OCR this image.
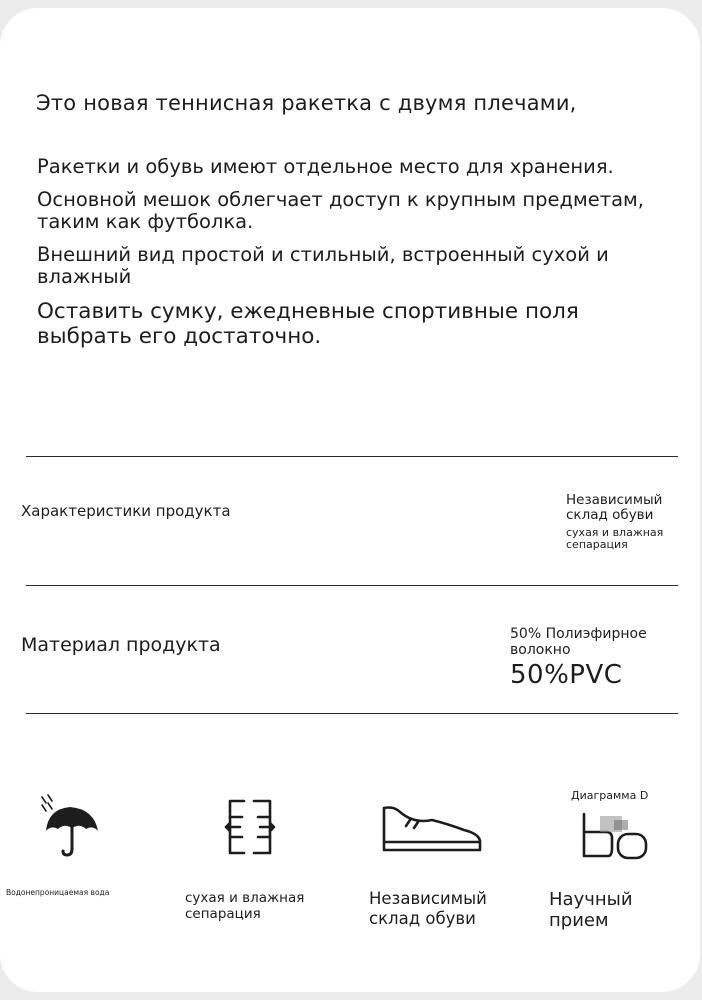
Это новая теннисная ракетка с двумя плечами,
Ракетки и обувь имеют отдельное место для хранения.
Основной мешок облегчает доступ к крупным предметам, таким как футболка.
Внешний вид простой и стильный, встроенный сухой и влажный
Оставить сумку, ежедневные спортивные поля выбрать его достаточно.

Характеристики продукта

Независимый склад обуви
сухая и влажная сепарация

Материал продукта	50% Полиэфирное волокно
50%PVC

Диаграмма D

Водонепроницаемая вода	сухая и влажная сепарация

Независимый склад обуви

Научный прием
